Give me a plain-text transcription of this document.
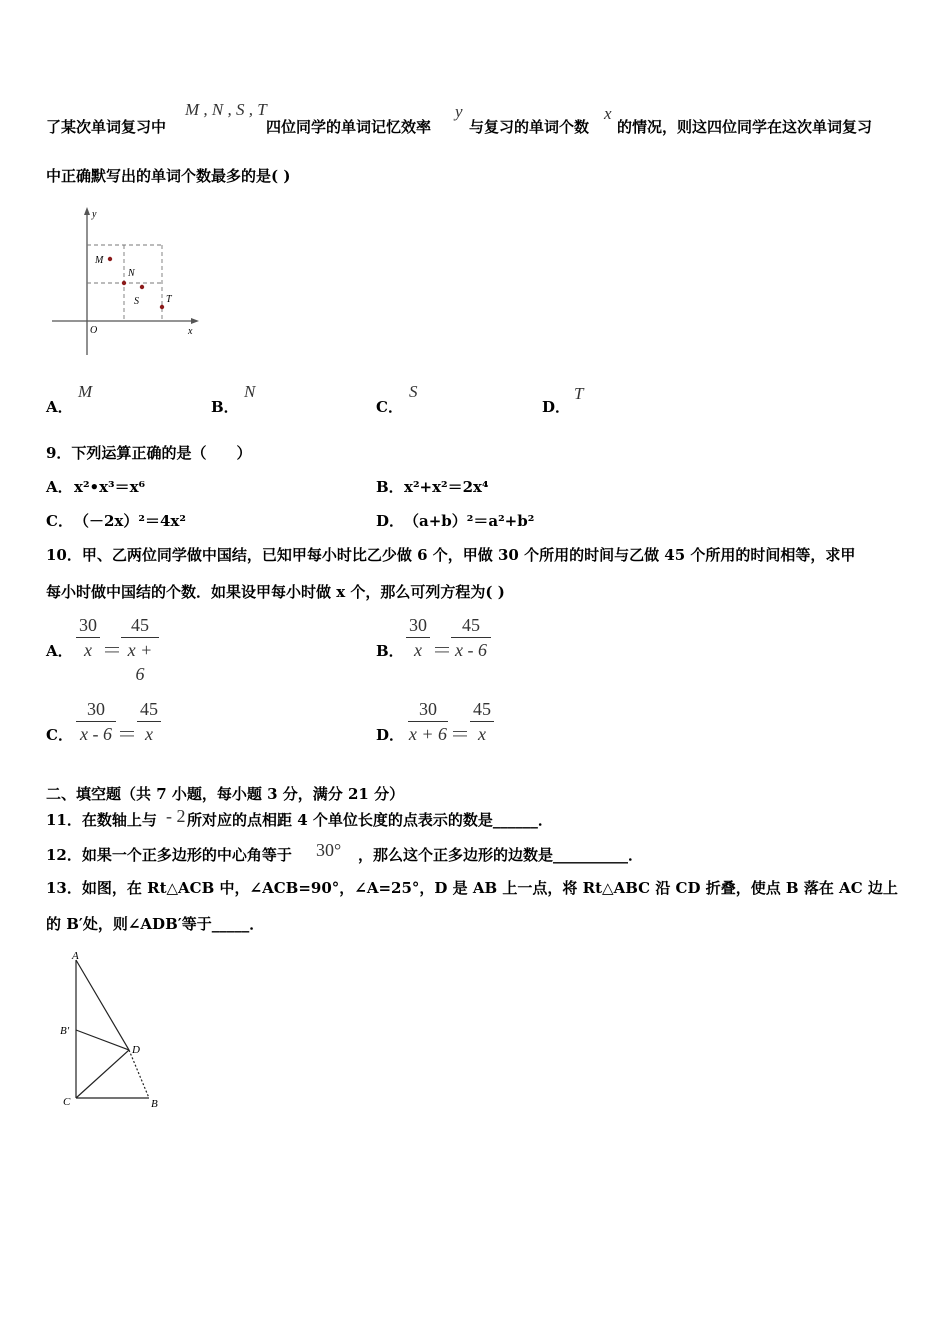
了某次单词复习中
M , N , S , T
四位同学的单词记忆效率
y
与复习的单词个数
x
的情况，则这四位同学在这次单词复习
中正确默写出的单词个数最多的是( )
y
x
O
M
N
S	T
A．
M
B．
N
C．
S
D．
T
9．下列运算正确的是（　　）
A． x²•x³＝x⁶	B． x²+x²＝2x⁴
C． （－2x）²＝4x²	D． （a+b）²＝a²+b²
10．甲、乙两位同学做中国结，已知甲每小时比乙少做 6 个，甲做 30 个所用的时间与乙做 45 个所用的时间相等，求甲
每小时做中国结的个数．如果设甲每小时做 x 个，那么可列方程为( )
A．
30
x ＝
45
x + 6
B．
30
x ＝
45
x - 6
C．
30
x - 6 ＝
45
x	D．
30
x + 6 ＝
45
x
二、填空题（共 7 小题，每小题 3 分，满分 21 分）
11．在数轴上与 - 2 所对应的点相距 4 个单位长度的点表示的数是______．
12．如果一个正多边形的中心角等于 30° ，那么这个正多边形的边数是__________．
13．如图，在 Rt△ACB 中，∠ACB=90°，∠A=25°，D 是 AB 上一点，将 Rt△ABC 沿 CD 折叠，使点 B 落在 AC 边上
的 B′处，则∠ADB′等于_____．
A
B′
D
C	B
